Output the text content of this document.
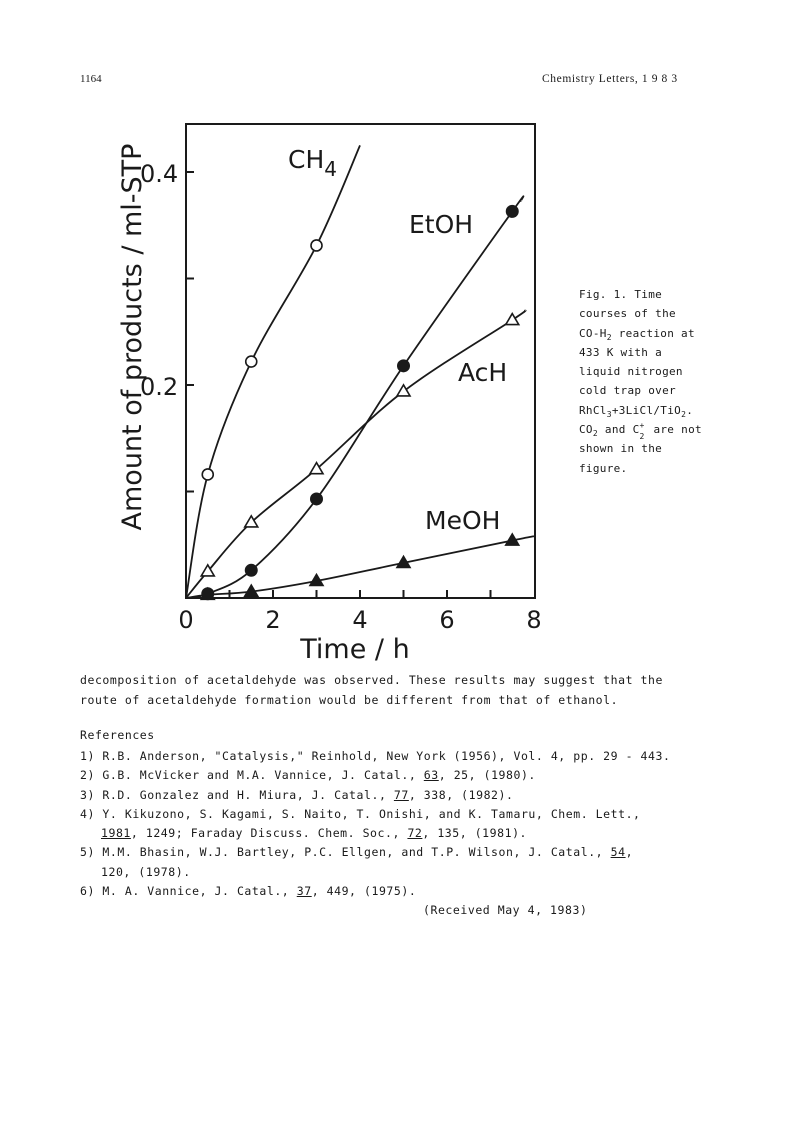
1164	Chemistry Letters, 1 9 8 3
0	2	4	6	8
0.2
0.4
Time / h
Amount of products / ml-STP	$CH_4$
EtOH
AcH
MeOH
Fig. 1. Time
courses of the
$CO-H_2$ reaction at
433 K with a
liquid nitrogen
cold trap over
RhCl$_3$+3LiCl/TiO$_2$.
$CO_2$ and C +
2
are not
shown in the
figure.
decomposition of acetaldehyde was observed. These results may suggest that the
route of acetaldehyde formation would be different from that of ethanol.
References
1) R.B. Anderson, "Catalysis," Reinhold, New York (1956), Vol. 4, pp. 29 - 443.
2) G.B. McVicker and M.A. Vannice, J. Catal., 63, 25, (1980).
3) R.D. Gonzalez and H. Miura, J. Catal., 77, 338, (1982).
4) Y. Kikuzono, S. Kagami, S. Naito, T. Onishi, and K. Tamaru, Chem. Lett.,
1981, 1249; Faraday Discuss. Chem. Soc., 72, 135, (1981).
5) M.M. Bhasin, W.J. Bartley, P.C. Ellgen, and T.P. Wilson, J. Catal., 54,
120, (1978).
6) M. A. Vannice, J. Catal., 37, 449, (1975).
(Received May 4, 1983)
